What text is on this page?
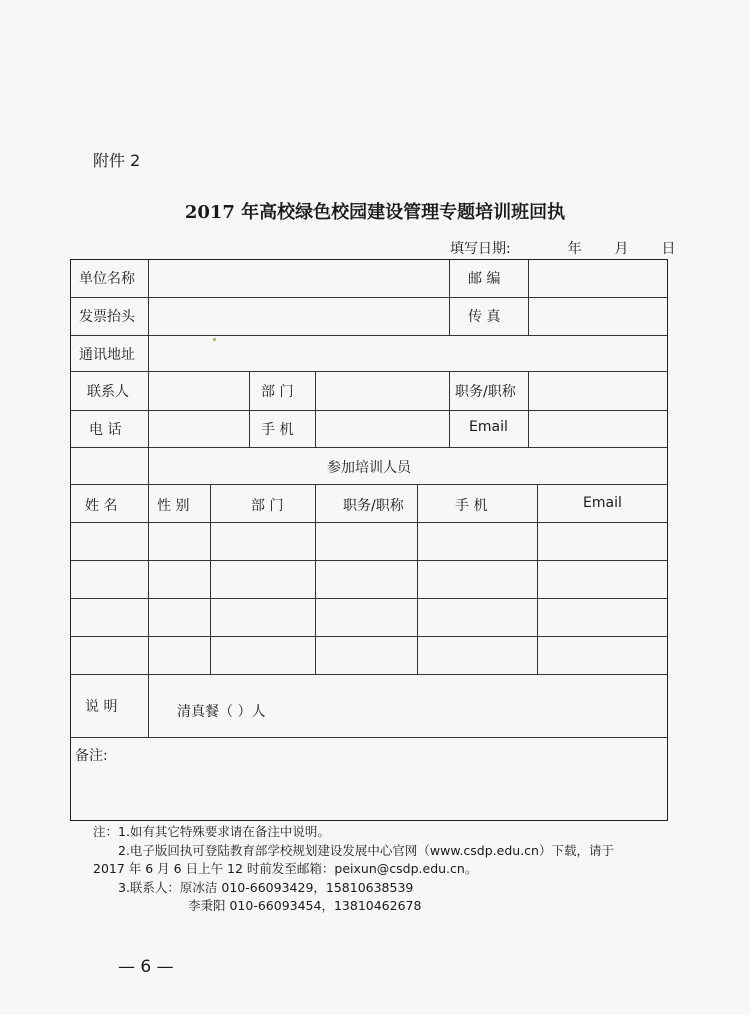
附件 2
2017 年高校绿色校园建设管理专题培训班回执
填写日期:	年 月 日
单位名称	邮 编
发票抬头	传 真
通讯地址
联系人	部 门	职务/职称
电 话	手 机	Email
参加培训人员
姓 名	性 别	部 门	职务/职称	手 机	Email
说 明	清真餐（ ）人
备注:
注：1.如有其它特殊要求请在备注中说明。
2.电子版回执可登陆教育部学校规划建设发展中心官网（www.csdp.edu.cn）下载，请于
2017 年 6 月 6 日上午 12 时前发至邮箱：peixun@csdp.edu.cn。
3.联系人：原冰洁 010-66093429，15810638539
李秉阳 010-66093454，13810462678
— 6 —
